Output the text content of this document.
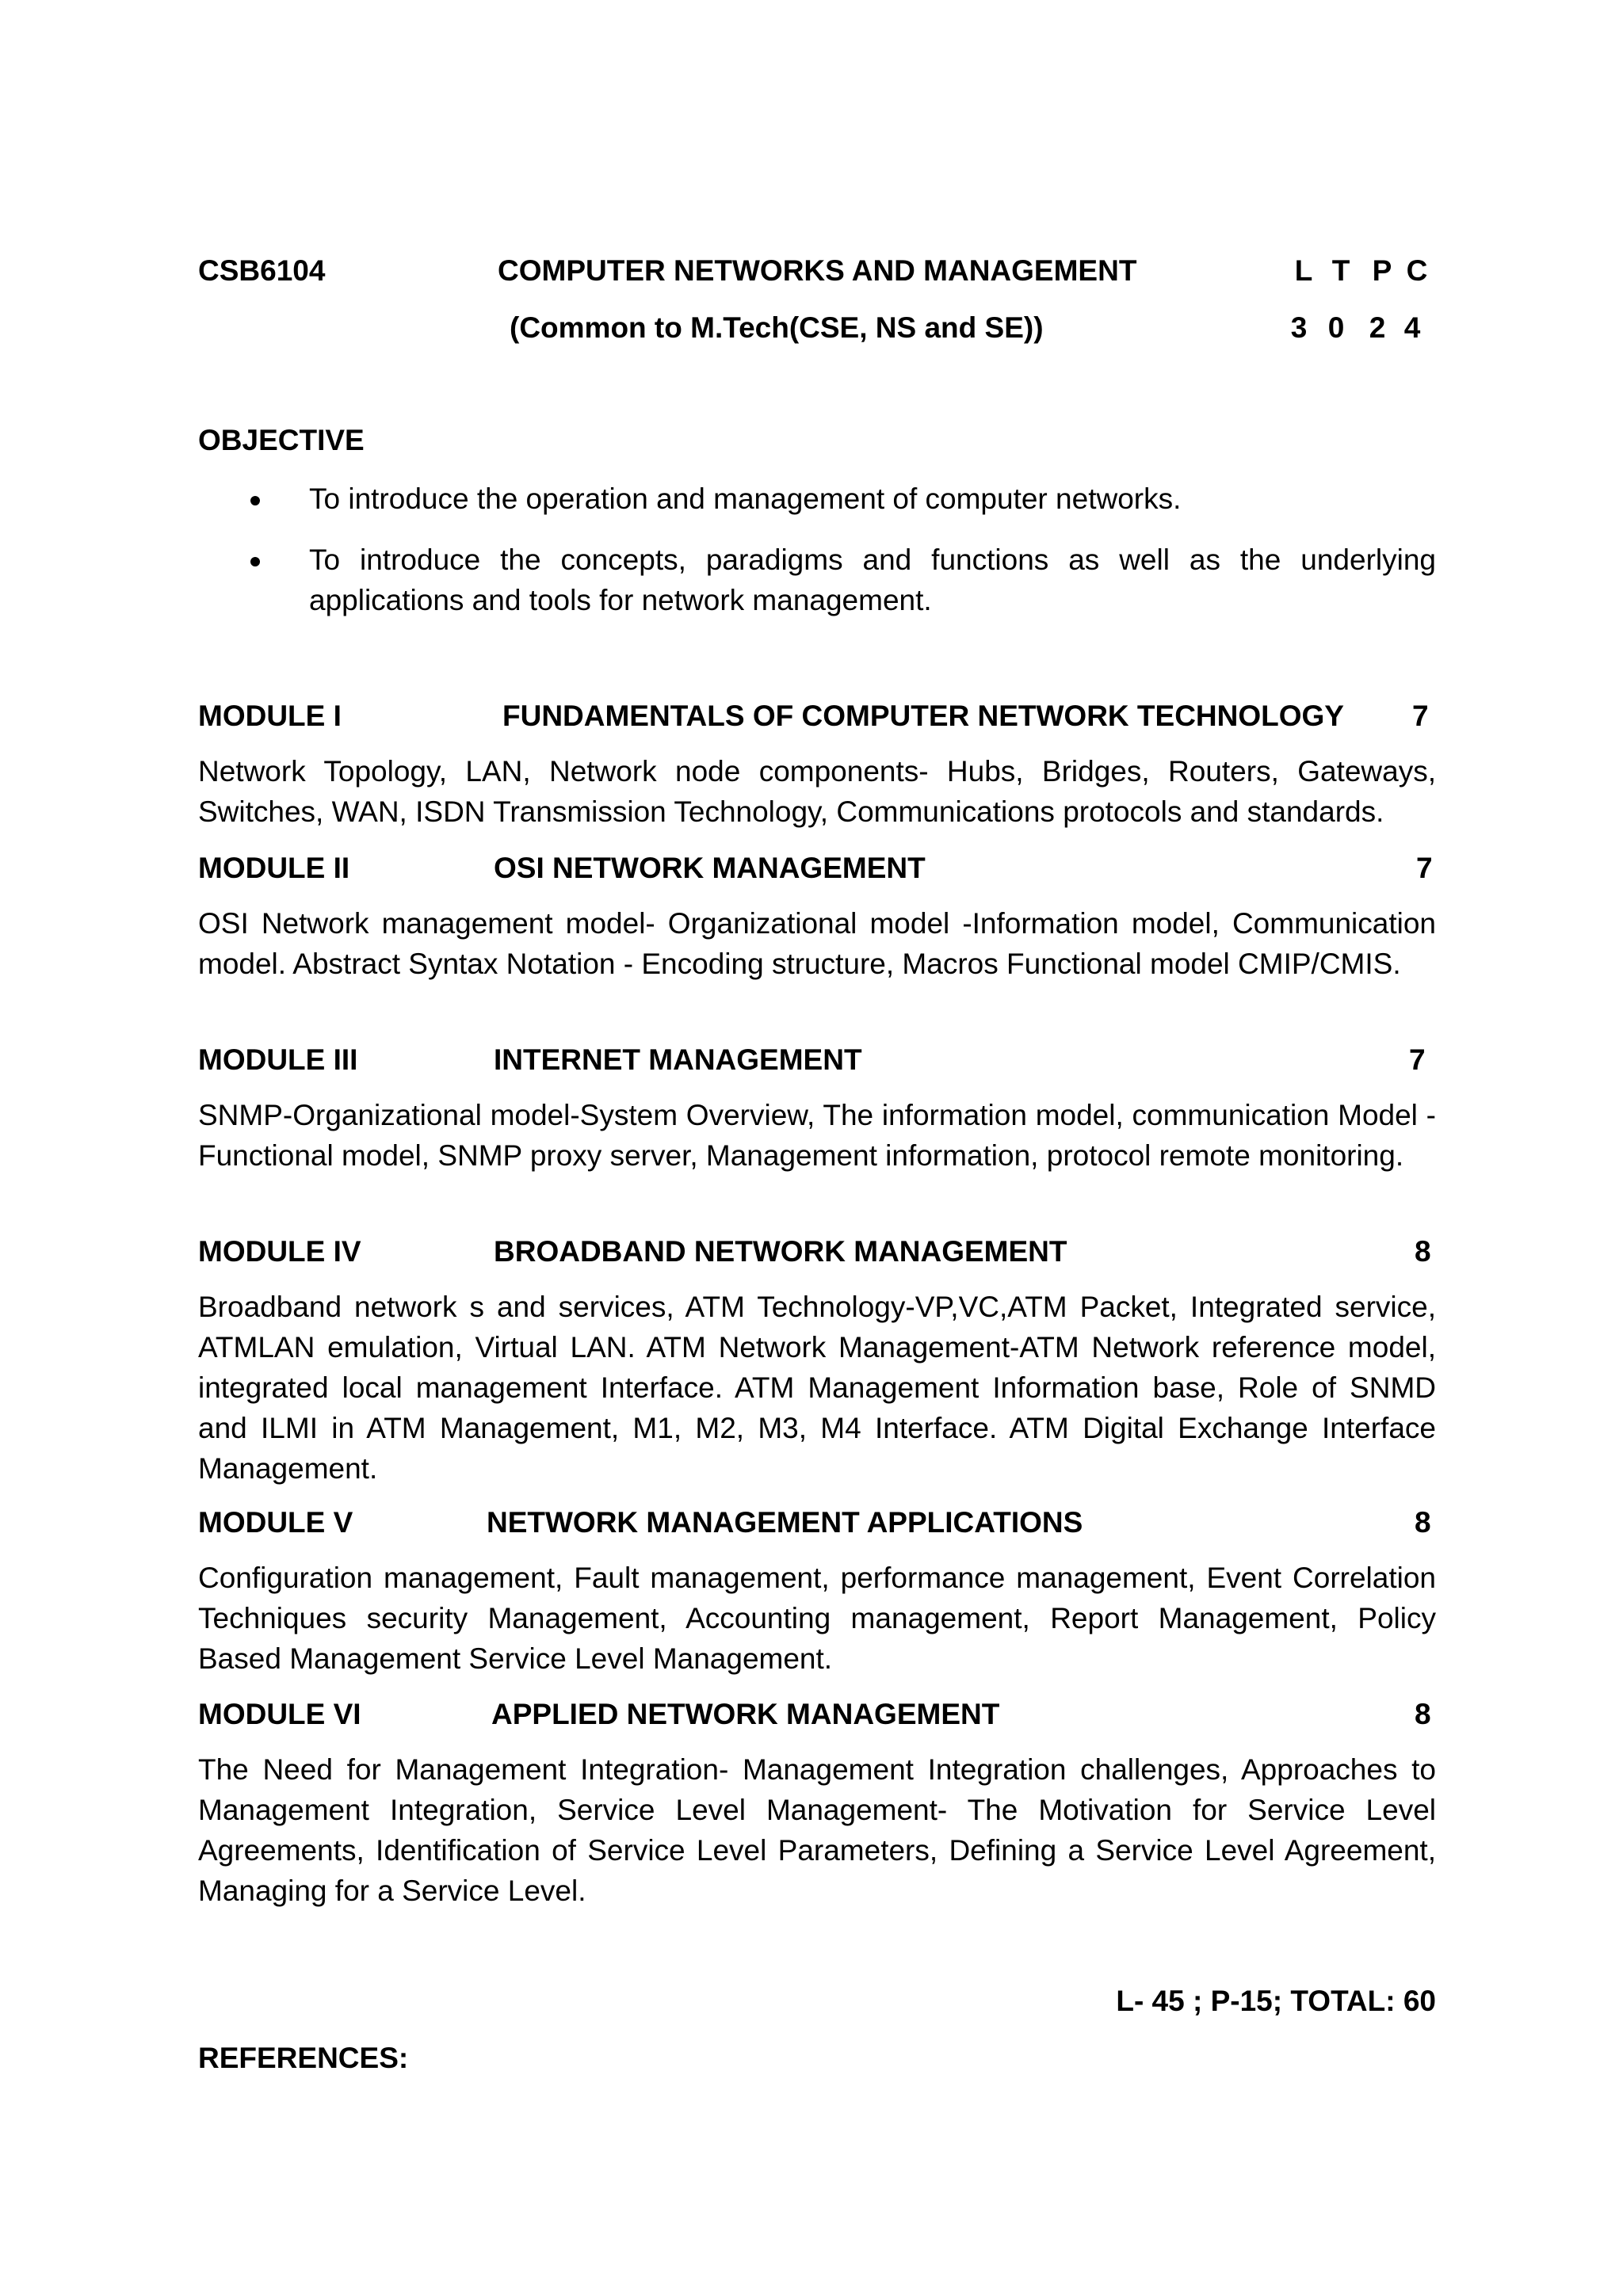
CSB6104	COMPUTER NETWORKS AND MANAGEMENT
(Common to M.Tech(CSE, NS and SE))
L T P C
3 0 2 4
OBJECTIVE
To introduce the operation and management of computer networks.
To introduce the concepts, paradigms and functions as well as the underlying applications and tools for network management.
MODULE I	FUNDAMENTALS OF COMPUTER NETWORK TECHNOLOGY 7

Network Topology, LAN, Network node components- Hubs, Bridges, Routers, Gateways, Switches, WAN, ISDN Transmission Technology, Communications protocols and standards.

MODULE II	OSI NETWORK MANAGEMENT	7

OSI Network management model- Organizational model -Information model, Communication model. Abstract Syntax Notation - Encoding structure, Macros Functional model CMIP/CMIS.

MODULE III	INTERNET MANAGEMENT	7

SNMP-Organizational model-System Overview, The information model, communication Model - Functional model, SNMP proxy server, Management information, protocol remote monitoring.

MODULE IV	BROADBAND NETWORK MANAGEMENT	8

Broadband network s and services, ATM Technology-VP,VC,ATM Packet, Integrated service, ATMLAN emulation, Virtual LAN. ATM Network Management-ATM Network reference model, integrated local management Interface. ATM Management Information base, Role of SNMD and ILMI in ATM Management, M1, M2, M3, M4 Interface. ATM Digital Exchange Interface Management.

MODULE V	NETWORK MANAGEMENT APPLICATIONS	8

Configuration management, Fault management, performance management, Event Correlation Techniques security Management, Accounting management, Report Management, Policy Based Management Service Level Management.

MODULE VI	APPLIED NETWORK MANAGEMENT	8

The Need for Management Integration- Management Integration challenges, Approaches to Management Integration, Service Level Management- The Motivation for Service Level Agreements, Identification of Service Level Parameters, Defining a Service Level Agreement, Managing for a Service Level.

L- 45 ; P-15; TOTAL: 60
REFERENCES:
